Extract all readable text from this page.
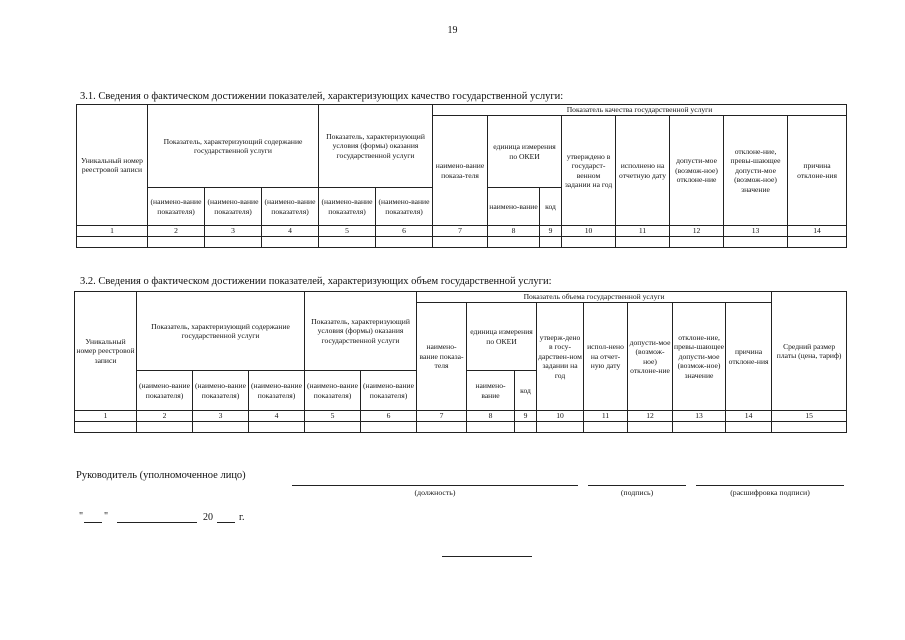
19
3.1. Сведения о фактическом достижении показателей, характеризующих качество государственной услуги:
Уникальный номер реестровой записи	Показатель, характеризующий содержание государственной услуги			Показатель, характеризующий условия (формы) оказания государственной услуги		Показатель качества государственной услуги							
						наимено-вание показа-теля	единица измерения по ОКЕИ		утверждено в государст-венном задании на год	исполнено на отчетную дату	допусти-мое (возмож-ное) отклоне-ние	отклоне-ние, превы-шающее допусти-мое (возмож-ное) значение	причина отклоне-ния
	(наимено-вание показателя)	(наимено-вание показателя)	(наимено-вание показателя)	(наимено-вание показателя)	(наимено-вание показателя)		наимено-вание	код					
1	2	3	4	5	6	7	8	9	10	11	12	13	14

3.2. Сведения о фактическом достижении показателей, характеризующих объем государственной услуги:
Уникальный номер реестровой записи	Показатель, характеризующий содержание государственной услуги			Показатель, характеризующий условия (формы) оказания государственной услуги		Показатель объема государственной услуги								Средний размер платы (цена, тариф)
						наимено-вание показа-теля	единица измерения по ОКЕИ		утверж-дено в госу-дарствен-ном задании на год	испол-нено на отчет-ную дату	допусти-мое (возмож-ное) отклоне-ние	отклоне-ние, превы-шающее допусти-мое (возмож-ное) значение	причина отклоне-ния	
	(наимено-вание показателя)	(наимено-вание показателя)	(наимено-вание показателя)	(наимено-вание показателя)	(наимено-вание показателя)		наимено-вание	код						
1	2	3	4	5	6	7	8	9	10	11	12	13	14	15

Руководитель (уполномоченное лицо)
(должность)	(подпись)	(расшифровка подписи)
" "	20	г.
